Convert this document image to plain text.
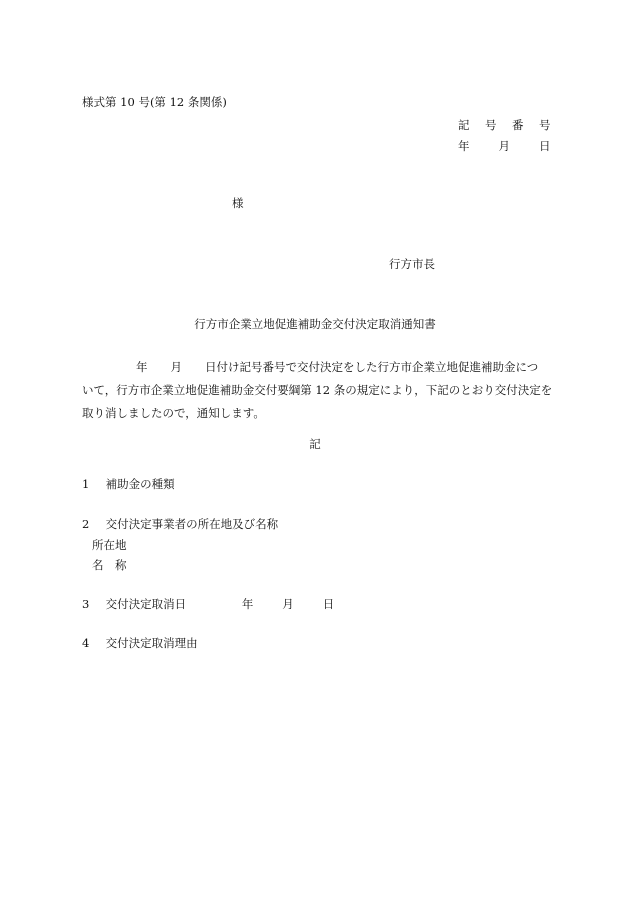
様式第 10 号(第 12 条関係)
記　号　番　号
年　　月　　日
様
行方市長
行方市企業立地促進補助金交付決定取消通知書
年　　月　　日付け記号番号で交付決定をした行方市企業立地促進補助金につ
いて，行方市企業立地促進補助金交付要綱第 12 条の規定により，下記のとおり交付決定を
取り消しましたので，通知します。
記
1 補助金の種類
2 交付決定事業者の所在地及び名称
所在地
名　称
3 交付決定取消日	年　　月　　日
4 交付決定取消理由
